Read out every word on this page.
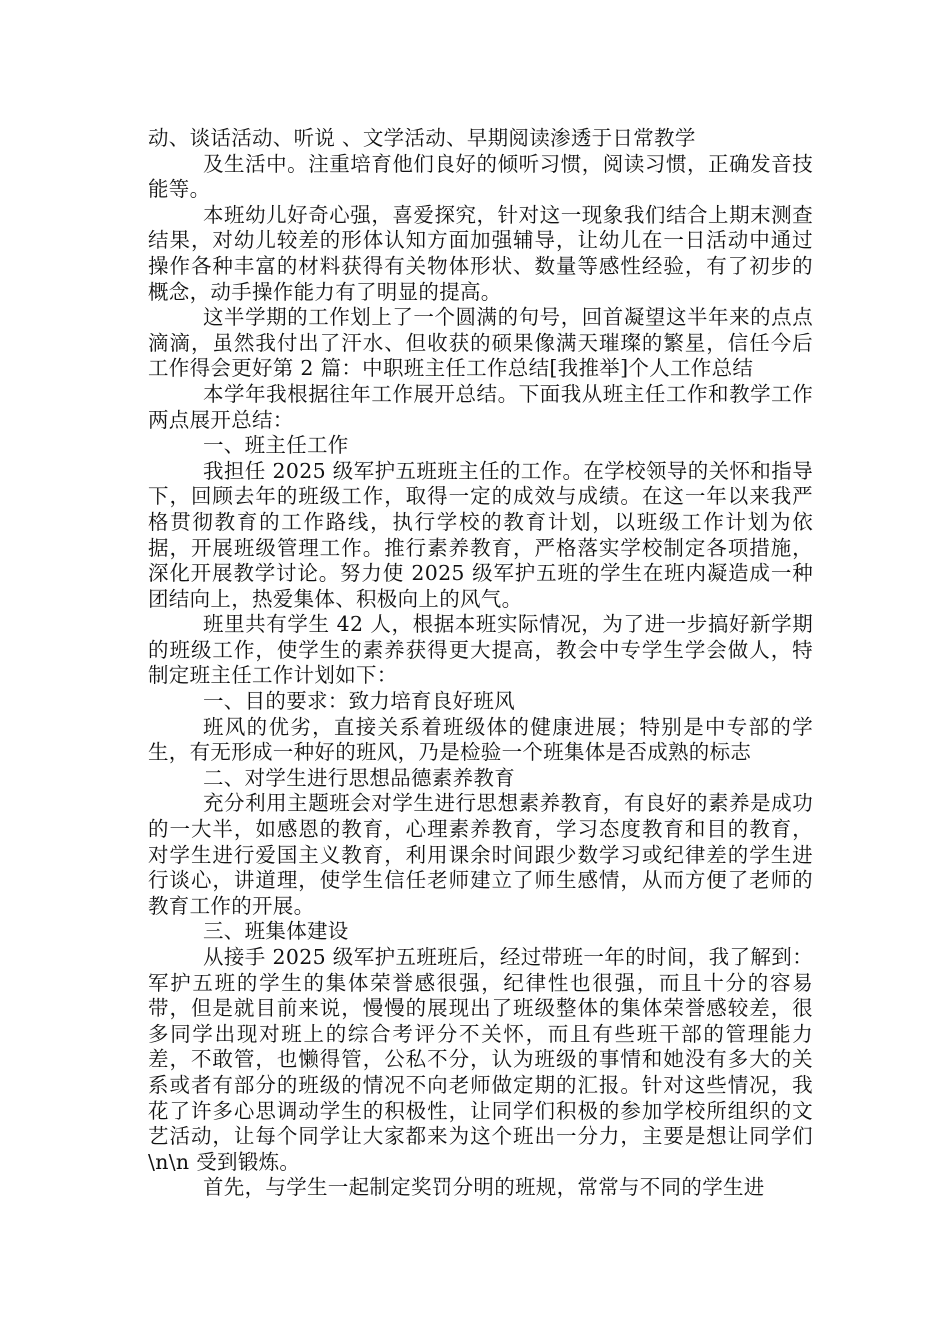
动、谈话活动、听说 、文学活动、早期阅读渗透于日常教学

及生活中。注重培育他们良好的倾听习惯，阅读习惯，正确发音技能等。

本班幼儿好奇心强，喜爱探究，针对这一现象我们结合上期末测查结果，对幼儿较差的形体认知方面加强辅导，让幼儿在一日活动中通过操作各种丰富的材料获得有关物体形状、数量等感性经验，有了初步的概念，动手操作能力有了明显的提高。

这半学期的工作划上了一个圆满的句号，回首凝望这半年来的点点滴滴，虽然我付出了汗水、但收获的硕果像满天璀璨的繁星，信任今后工作得会更好第 2 篇：中职班主任工作总结[我推举]个人工作总结

本学年我根据往年工作展开总结。下面我从班主任工作和教学工作两点展开总结：

一、班主任工作

我担任 2025 级军护五班班主任的工作。在学校领导的关怀和指导下，回顾去年的班级工作，取得一定的成效与成绩。在这一年以来我严格贯彻教育的工作路线，执行学校的教育计划，以班级工作计划为依据，开展班级管理工作。推行素养教育，严格落实学校制定各项措施，深化开展教学讨论。努力使 2025 级军护五班的学生在班内凝造成一种团结向上，热爱集体、积极向上的风气。

班里共有学生 42 人，根据本班实际情况，为了进一步搞好新学期的班级工作，使学生的素养获得更大提高，教会中专学生学会做人，特制定班主任工作计划如下：

一、目的要求：致力培育良好班风

班风的优劣，直接关系着班级体的健康进展；特别是中专部的学生，有无形成一种好的班风，乃是检验一个班集体是否成熟的标志

二、对学生进行思想品德素养教育

充分利用主题班会对学生进行思想素养教育，有良好的素养是成功的一大半，如感恩的教育，心理素养教育，学习态度教育和目的教育，对学生进行爱国主义教育，利用课余时间跟少数学习或纪律差的学生进行谈心，讲道理，使学生信任老师建立了师生感情，从而方便了老师的教育工作的开展。

三、班集体建设

从接手 2025 级军护五班班后，经过带班一年的时间，我了解到：军护五班的学生的集体荣誉感很强，纪律性也很强，而且十分的容易带，但是就目前来说，慢慢的展现出了班级整体的集体荣誉感较差，很多同学出现对班上的综合考评分不关怀，而且有些班干部的管理能力差，不敢管，也懒得管，公私不分，认为班级的事情和她没有多大的关系或者有部分的班级的情况不向老师做定期的汇报。针对这些情况，我花了许多心思调动学生的积极性，让同学们积极的参加学校所组织的文艺活动，让每个同学让大家都来为这个班出一分力，主要是想让同学们\n\n 受到锻炼。

首先，与学生一起制定奖罚分明的班规，常常与不同的学生进
